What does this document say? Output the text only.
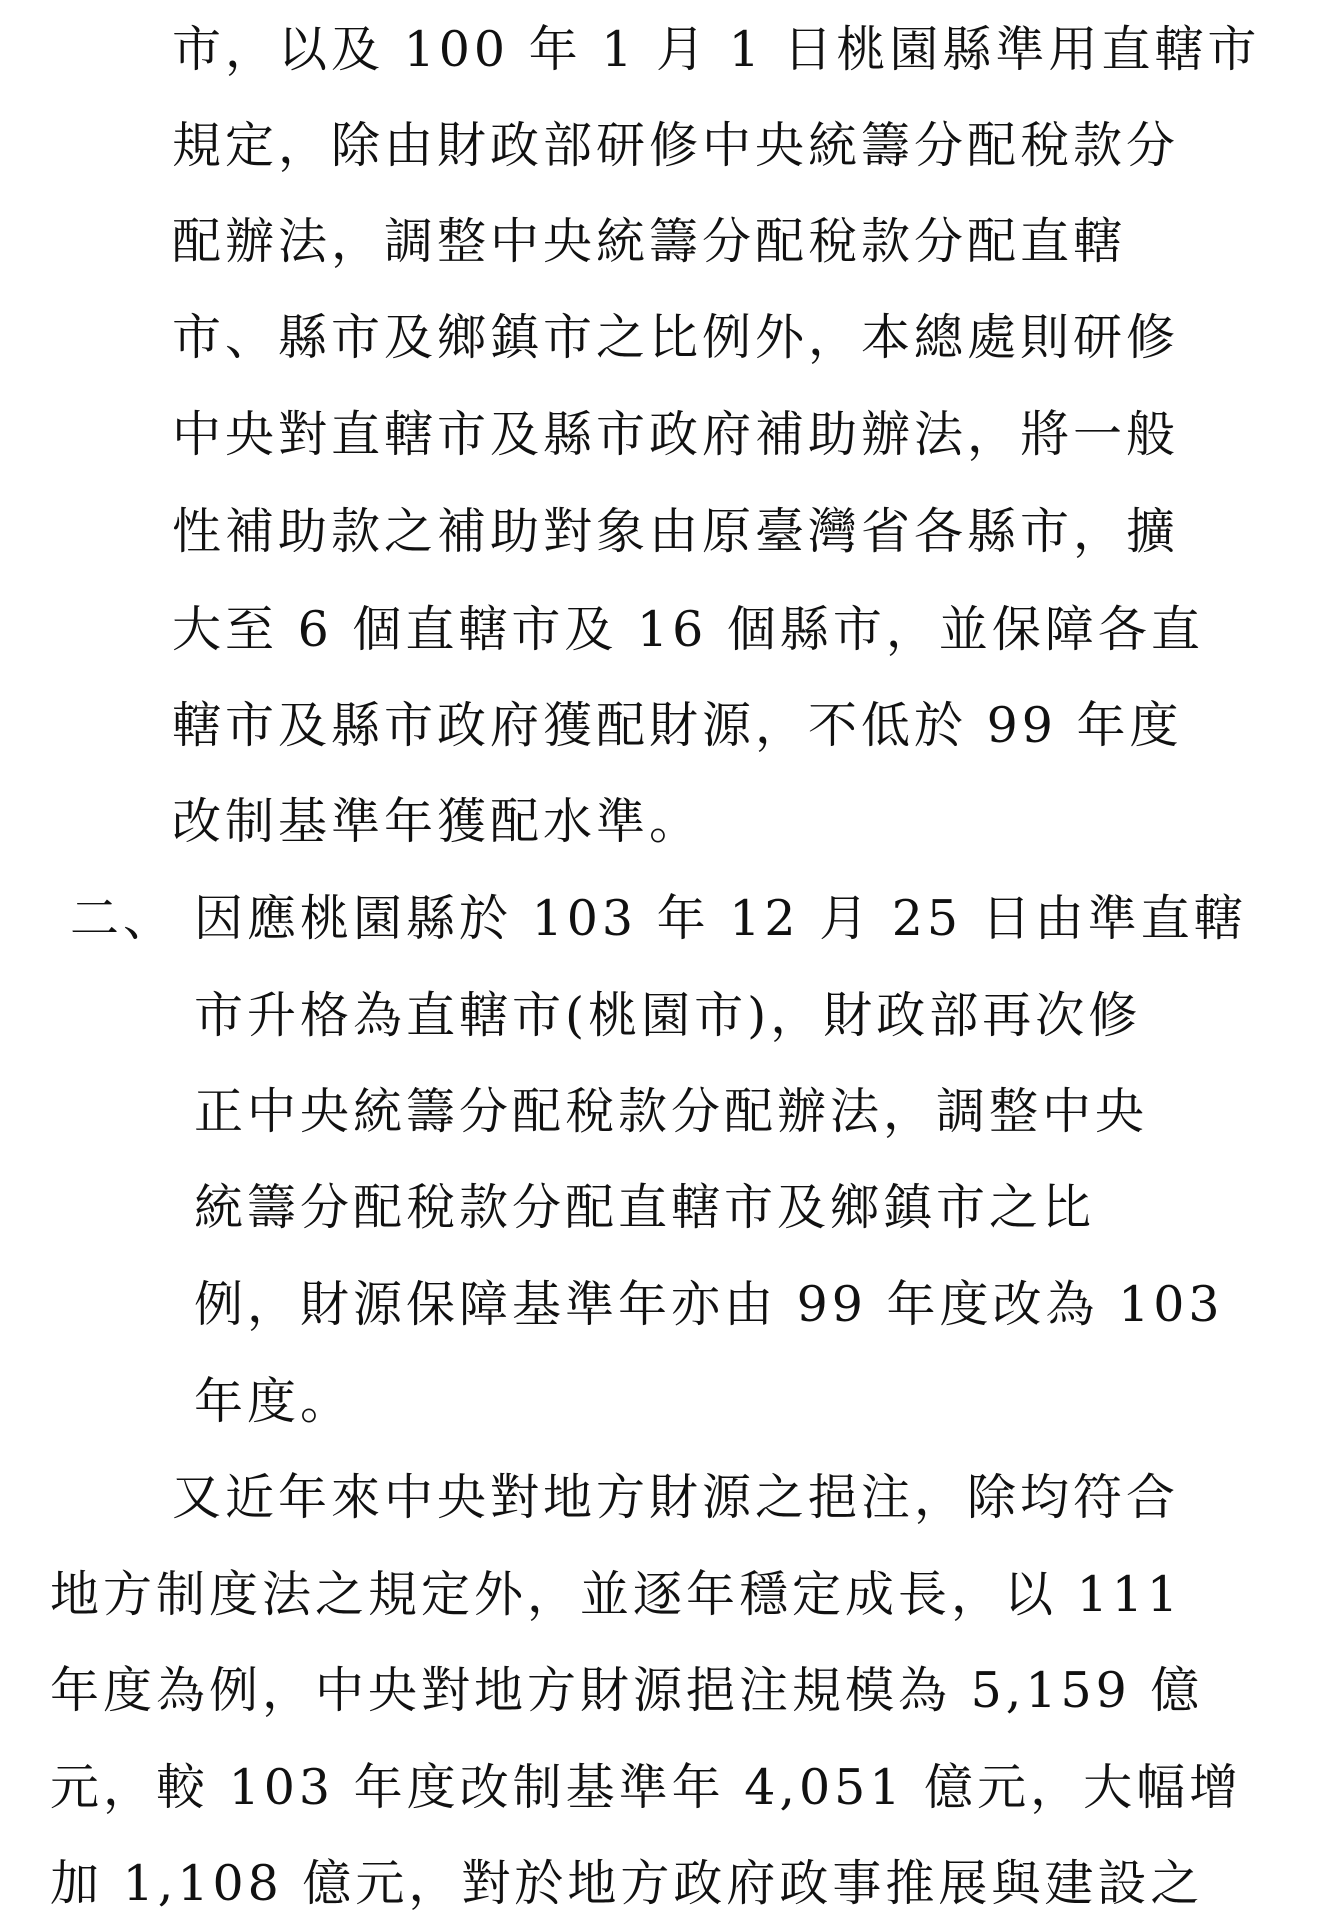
市，以及 100 年 1 月 1 日桃園縣準用直轄市
規定，除由財政部研修中央統籌分配稅款分
配辦法，調整中央統籌分配稅款分配直轄
市、縣市及鄉鎮市之比例外，本總處則研修
中央對直轄市及縣市政府補助辦法，將一般
性補助款之補助對象由原臺灣省各縣市，擴
大至 6 個直轄市及 16 個縣市，並保障各直
轄市及縣市政府獲配財源，不低於 99 年度
改制基準年獲配水準。
二、 因應桃園縣於 103 年 12 月 25 日由準直轄
市升格為直轄市(桃園市)，財政部再次修
正中央統籌分配稅款分配辦法，調整中央
統籌分配稅款分配直轄市及鄉鎮市之比
例，財源保障基準年亦由 99 年度改為 103
年度。
又近年來中央對地方財源之挹注，除均符合
地方制度法之規定外，並逐年穩定成長，以 111
年度為例，中央對地方財源挹注規模為 5,159 億
元，較 103 年度改制基準年 4,051 億元，大幅增
加 1,108 億元，對於地方政府政事推展與建設之
